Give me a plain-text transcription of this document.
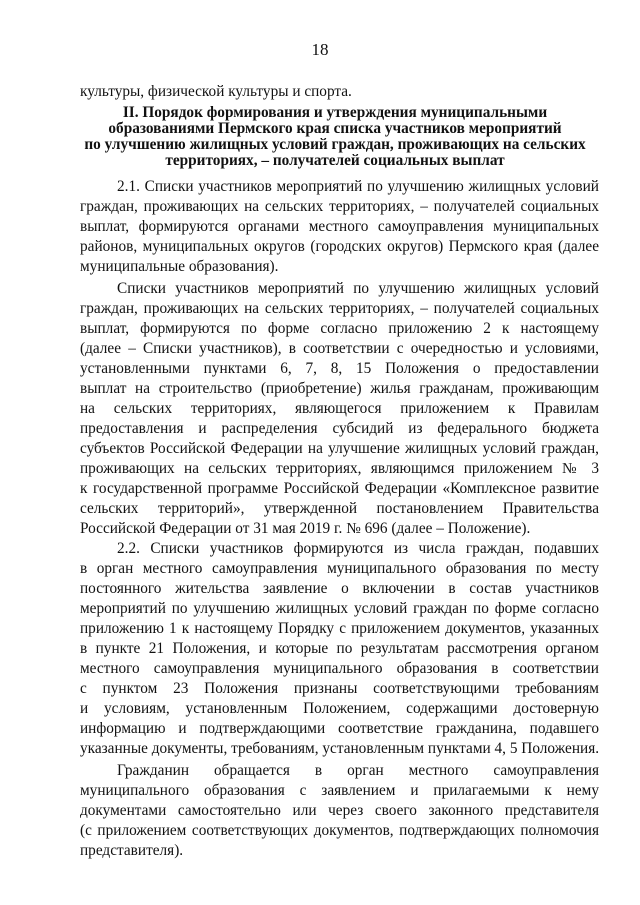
18
культуры, физической культуры и спорта.
II. Порядок формирования и утверждения муниципальными
образованиями Пермского края списка участников мероприятий
по улучшению жилищных условий граждан, проживающих на сельских
территориях, – получателей социальных выплат
2.1. Списки участников мероприятий по улучшению жилищных условий
граждан, проживающих на сельских территориях, – получателей социальных
выплат, формируются органами местного самоуправления муниципальных
районов, муниципальных округов (городских округов) Пермского края (далее
муниципальные образования).
Списки участников мероприятий по улучшению жилищных условий
граждан, проживающих на сельских территориях, – получателей социальных
выплат, формируются по форме согласно приложению 2 к настоящему
(далее – Списки участников), в соответствии с очередностью и условиями,
установленными пунктами 6, 7, 8, 15 Положения о предоставлении
выплат на строительство (приобретение) жилья гражданам, проживающим
на сельских территориях, являющегося приложением к Правилам
предоставления и распределения субсидий из федерального бюджета
субъектов Российской Федерации на улучшение жилищных условий граждан,
проживающих на сельских территориях, являющимся приложением № 3
к государственной программе Российской Федерации «Комплексное развитие
сельских территорий», утвержденной постановлением Правительства
Российской Федерации от 31 мая 2019 г. № 696 (далее – Положение).
2.2. Списки участников формируются из числа граждан, подавших
в орган местного самоуправления муниципального образования по месту
постоянного жительства заявление о включении в состав участников
мероприятий по улучшению жилищных условий граждан по форме согласно
приложению 1 к настоящему Порядку с приложением документов, указанных
в пункте 21 Положения, и которые по результатам рассмотрения органом
местного самоуправления муниципального образования в соответствии
с пунктом 23 Положения признаны соответствующими требованиям
и условиям, установленным Положением, содержащими достоверную
информацию и подтверждающими соответствие гражданина, подавшего
указанные документы, требованиям, установленным пунктами 4, 5 Положения.
Гражданин обращается в орган местного самоуправления
муниципального образования с заявлением и прилагаемыми к нему
документами самостоятельно или через своего законного представителя
(с приложением соответствующих документов, подтверждающих полномочия
представителя).
